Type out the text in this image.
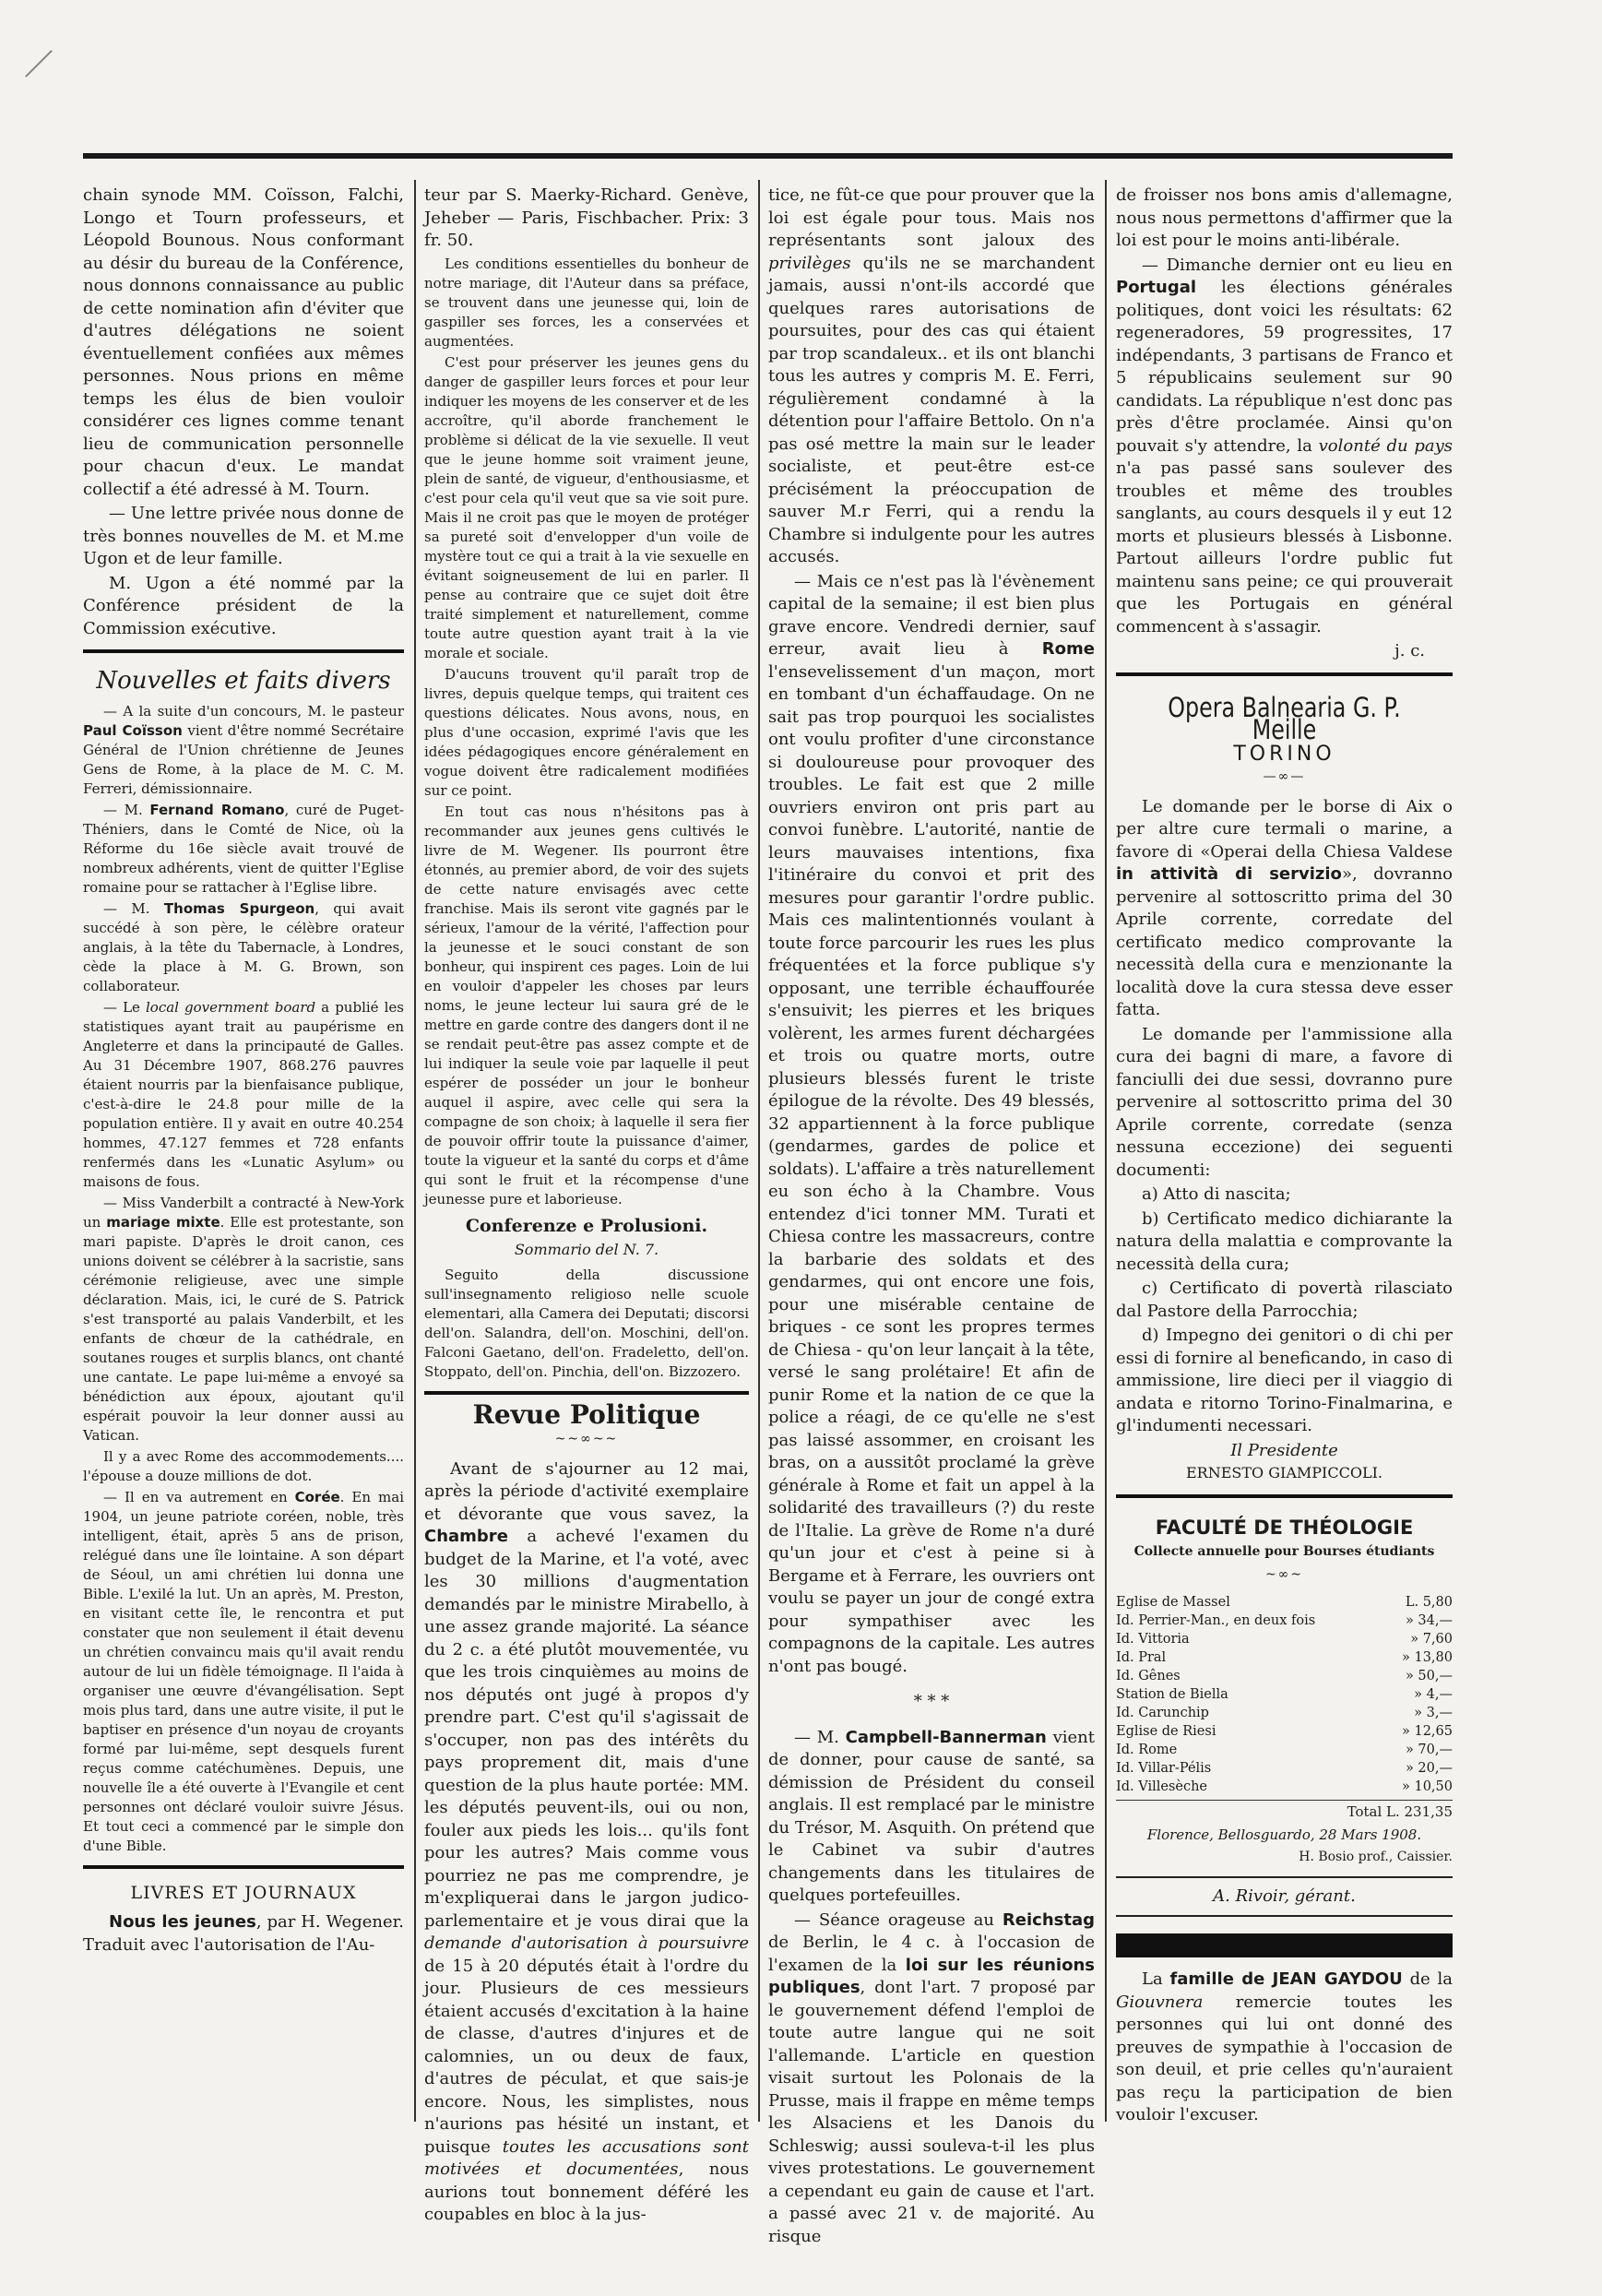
chain synode MM. Coïsson, Falchi, Longo et Tourn professeurs, et Léopold Bounous. Nous conformant au désir du bureau de la Conférence, nous donnons connaissance au public de cette nomination afin d'éviter que d'autres délégations ne soient éventuellement confiées aux mêmes personnes. Nous prions en même temps les élus de bien vouloir considérer ces lignes comme tenant lieu de communication personnelle pour chacun d'eux. Le mandat collectif a été adressé à M. Tourn.

— Une lettre privée nous donne de très bonnes nouvelles de M. et M.me Ugon et de leur famille.

M. Ugon a été nommé par la Conférence président de la Commission exécutive.

Nouvelles et faits divers

— A la suite d'un concours, M. le pasteur Paul Coïsson vient d'être nommé Secrétaire Général de l'Union chrétienne de Jeunes Gens de Rome, à la place de M. C. M. Ferreri, démissionnaire.

— M. Fernand Romano, curé de Puget-Théniers, dans le Comté de Nice, où la Réforme du 16e siècle avait trouvé de nombreux adhérents, vient de quitter l'Eglise romaine pour se rattacher à l'Eglise libre.

— M. Thomas Spurgeon, qui avait succédé à son père, le célèbre orateur anglais, à la tête du Tabernacle, à Londres, cède la place à M. G. Brown, son collaborateur.

— Le local government board a publié les statistiques ayant trait au paupérisme en Angleterre et dans la principauté de Galles. Au 31 Décembre 1907, 868.276 pauvres étaient nourris par la bienfaisance publique, c'est-à-dire le 24.8 pour mille de la population entière. Il y avait en outre 40.254 hommes, 47.127 femmes et 728 enfants renfermés dans les «Lunatic Asylum» ou maisons de fous.

— Miss Vanderbilt a contracté à New-York un mariage mixte. Elle est protestante, son mari papiste. D'après le droit canon, ces unions doivent se célébrer à la sacristie, sans cérémonie religieuse, avec une simple déclaration. Mais, ici, le curé de S. Patrick s'est transporté au palais Vanderbilt, et les enfants de chœur de la cathédrale, en soutanes rouges et surplis blancs, ont chanté une cantate. Le pape lui-même a envoyé sa bénédiction aux époux, ajoutant qu'il espérait pouvoir la leur donner aussi au Vatican.

Il y a avec Rome des accommodements.... l'épouse a douze millions de dot.

— Il en va autrement en Corée. En mai 1904, un jeune patriote coréen, noble, très intelligent, était, après 5 ans de prison, relégué dans une île lointaine. A son départ de Séoul, un ami chrétien lui donna une Bible. L'exilé la lut. Un an après, M. Preston, en visitant cette île, le rencontra et put constater que non seulement il était devenu un chrétien convaincu mais qu'il avait rendu autour de lui un fidèle témoignage. Il l'aida à organiser une œuvre d'évangélisation. Sept mois plus tard, dans une autre visite, il put le baptiser en présence d'un noyau de croyants formé par lui-même, sept desquels furent reçus comme catéchumènes. Depuis, une nouvelle île a été ouverte à l'Evangile et cent personnes ont déclaré vouloir suivre Jésus. Et tout ceci a commencé par le simple don d'une Bible.

LIVRES ET JOURNAUX

Nous les jeunes, par H. Wegener. Traduit avec l'autorisation de l'Au-

teur par S. Maerky-Richard. Genève, Jeheber — Paris, Fischbacher. Prix: 3 fr. 50.

Les conditions essentielles du bonheur de notre mariage, dit l'Auteur dans sa préface, se trouvent dans une jeunesse qui, loin de gaspiller ses forces, les a conservées et augmentées.

C'est pour préserver les jeunes gens du danger de gaspiller leurs forces et pour leur indiquer les moyens de les conserver et de les accroître, qu'il aborde franchement le problème si délicat de la vie sexuelle. Il veut que le jeune homme soit vraiment jeune, plein de santé, de vigueur, d'enthousiasme, et c'est pour cela qu'il veut que sa vie soit pure. Mais il ne croit pas que le moyen de protéger sa pureté soit d'envelopper d'un voile de mystère tout ce qui a trait à la vie sexuelle en évitant soigneusement de lui en parler. Il pense au contraire que ce sujet doit être traité simplement et naturellement, comme toute autre question ayant trait à la vie morale et sociale.

D'aucuns trouvent qu'il paraît trop de livres, depuis quelque temps, qui traitent ces questions délicates. Nous avons, nous, en plus d'une occasion, exprimé l'avis que les idées pédagogiques encore généralement en vogue doivent être radicalement modifiées sur ce point.

En tout cas nous n'hésitons pas à recommander aux jeunes gens cultivés le livre de M. Wegener. Ils pourront être étonnés, au premier abord, de voir des sujets de cette nature envisagés avec cette franchise. Mais ils seront vite gagnés par le sérieux, l'amour de la vérité, l'affection pour la jeunesse et le souci constant de son bonheur, qui inspirent ces pages. Loin de lui en vouloir d'appeler les choses par leurs noms, le jeune lecteur lui saura gré de le mettre en garde contre des dangers dont il ne se rendait peut-être pas assez compte et de lui indiquer la seule voie par laquelle il peut espérer de posséder un jour le bonheur auquel il aspire, avec celle qui sera la compagne de son choix; à laquelle il sera fier de pouvoir offrir toute la puissance d'aimer, toute la vigueur et la santé du corps et d'âme qui sont le fruit et la récompense d'une jeunesse pure et laborieuse.

Conferenze e Prolusioni.
Sommario del N. 7.

Seguito della discussione sull'insegnamento religioso nelle scuole elementari, alla Camera dei Deputati; discorsi dell'on. Salandra, dell'on. Moschini, dell'on. Falconi Gaetano, dell'on. Fradeletto, dell'on. Stoppato, dell'on. Pinchia, dell'on. Bizzozero.

Revue Politique
~~∞~~

Avant de s'ajourner au 12 mai, après la période d'activité exemplaire et dévorante que vous savez, la Chambre a achevé l'examen du budget de la Marine, et l'a voté, avec les 30 millions d'augmentation demandés par le ministre Mirabello, à une assez grande majorité. La séance du 2 c. a été plutôt mouvementée, vu que les trois cinquièmes au moins de nos députés ont jugé à propos d'y prendre part. C'est qu'il s'agissait de s'occuper, non pas des intérêts du pays proprement dit, mais d'une question de la plus haute portée: MM. les députés peuvent-ils, oui ou non, fouler aux pieds les lois... qu'ils font pour les autres? Mais comme vous pourriez ne pas me comprendre, je m'expliquerai dans le jargon judico-parlementaire et je vous dirai que la demande d'autorisation à poursuivre de 15 à 20 députés était à l'ordre du jour. Plusieurs de ces messieurs étaient accusés d'excitation à la haine de classe, d'autres d'injures et de calomnies, un ou deux de faux, d'autres de péculat, et que sais-je encore. Nous, les simplistes, nous n'aurions pas hésité un instant, et puisque toutes les accusations sont motivées et documentées, nous aurions tout bonnement déféré les coupables en bloc à la jus-

tice, ne fût-ce que pour prouver que la loi est égale pour tous. Mais nos représentants sont jaloux des privilèges qu'ils ne se marchandent jamais, aussi n'ont-ils accordé que quelques rares autorisations de poursuites, pour des cas qui étaient par trop scandaleux.. et ils ont blanchi tous les autres y compris M. E. Ferri, régulièrement condamné à la détention pour l'affaire Bettolo. On n'a pas osé mettre la main sur le leader socialiste, et peut-être est-ce précisément la préoccupation de sauver M.r Ferri, qui a rendu la Chambre si indulgente pour les autres accusés.

— Mais ce n'est pas là l'évènement capital de la semaine; il est bien plus grave encore. Vendredi dernier, sauf erreur, avait lieu à Rome l'ensevelissement d'un maçon, mort en tombant d'un échaffaudage. On ne sait pas trop pourquoi les socialistes ont voulu profiter d'une circonstance si douloureuse pour provoquer des troubles. Le fait est que 2 mille ouvriers environ ont pris part au convoi funèbre. L'autorité, nantie de leurs mauvaises intentions, fixa l'itinéraire du convoi et prit des mesures pour garantir l'ordre public. Mais ces malintentionnés voulant à toute force parcourir les rues les plus fréquentées et la force publique s'y opposant, une terrible échauffourée s'ensuivit; les pierres et les briques volèrent, les armes furent déchargées et trois ou quatre morts, outre plusieurs blessés furent le triste épilogue de la révolte. Des 49 blessés, 32 appartiennent à la force publique (gendarmes, gardes de police et soldats). L'affaire a très naturellement eu son écho à la Chambre. Vous entendez d'ici tonner MM. Turati et Chiesa contre les massacreurs, contre la barbarie des soldats et des gendarmes, qui ont encore une fois, pour une misérable centaine de briques - ce sont les propres termes de Chiesa - qu'on leur lançait à la tête, versé le sang prolétaire! Et afin de punir Rome et la nation de ce que la police a réagi, de ce qu'elle ne s'est pas laissé assommer, en croisant les bras, on a aussitôt proclamé la grève générale à Rome et fait un appel à la solidarité des travailleurs (?) du reste de l'Italie. La grève de Rome n'a duré qu'un jour et c'est à peine si à Bergame et à Ferrare, les ouvriers ont voulu se payer un jour de congé extra pour sympathiser avec les compagnons de la capitale. Les autres n'ont pas bougé.

* * *

— M. Campbell-Bannerman vient de donner, pour cause de santé, sa démission de Président du conseil anglais. Il est remplacé par le ministre du Trésor, M. Asquith. On prétend que le Cabinet va subir d'autres changements dans les titulaires de quelques portefeuilles.

— Séance orageuse au Reichstag de Berlin, le 4 c. à l'occasion de l'examen de la loi sur les réunions publiques, dont l'art. 7 proposé par le gouvernement défend l'emploi de toute autre langue qui ne soit l'allemande. L'article en question visait surtout les Polonais de la Prusse, mais il frappe en même temps les Alsaciens et les Danois du Schleswig; aussi souleva-t-il les plus vives protestations. Le gouvernement a cependant eu gain de cause et l'art. a passé avec 21 v. de majorité. Au risque

de froisser nos bons amis d'allemagne, nous nous permettons d'affirmer que la loi est pour le moins anti-libérale.

— Dimanche dernier ont eu lieu en Portugal les élections générales politiques, dont voici les résultats: 62 regeneradores, 59 progressites, 17 indépendants, 3 partisans de Franco et 5 républicains seulement sur 90 candidats. La république n'est donc pas près d'être proclamée. Ainsi qu'on pouvait s'y attendre, la volonté du pays n'a pas passé sans soulever des troubles et même des troubles sanglants, au cours desquels il y eut 12 morts et plusieurs blessés à Lisbonne. Partout ailleurs l'ordre public fut maintenu sans peine; ce qui prouverait que les Portugais en général commencent à s'assagir.

j. c.
Opera Balnearia G. P. Meille
TORINO
—∞—

Le domande per le borse di Aix o per altre cure termali o marine, a favore di «Operai della Chiesa Valdese in attività di servizio», dovranno pervenire al sottoscritto prima del 30 Aprile corrente, corredate del certificato medico comprovante la necessità della cura e menzionante la località dove la cura stessa deve esser fatta.

Le domande per l'ammissione alla cura dei bagni di mare, a favore di fanciulli dei due sessi, dovranno pure pervenire al sottoscritto prima del 30 Aprile corrente, corredate (senza nessuna eccezione) dei seguenti documenti:

a) Atto di nascita;

b) Certificato medico dichiarante la natura della malattia e comprovante la necessità della cura;

c) Certificato di povertà rilasciato dal Pastore della Parrocchia;

d) Impegno dei genitori o di chi per essi di fornire al beneficando, in caso di ammissione, lire dieci per il viaggio di andata e ritorno Torino-Finalmarina, e gl'indumenti necessari.

Il Presidente
ERNESTO GIAMPICCOLI.
FACULTÉ DE THÉOLOGIE
Collecte annuelle pour Bourses étudiants
~∞~
Eglise de Massel	L. 5,80
Id. Perrier-Man., en deux fois	» 34,—
Id. Vittoria	» 7,60
Id. Pral	» 13,80
Id. Gênes	» 50,—
Station de Biella	» 4,—
Id. Carunchip	» 3,—
Eglise de Riesi	» 12,65
Id. Rome	» 70,—
Id. Villar-Pélis	» 20,—
Id. Villesèche	» 10,50
Total L. 231,35
Florence, Bellosguardo, 28 Mars 1908.
H. Bosio prof., Caissier.
A. Rivoir, gérant.

La famille de JEAN GAYDOU de la Giouvnera remercie toutes les personnes qui lui ont donné des preuves de sympathie à l'occasion de son deuil, et prie celles qu'n'auraient pas reçu la participation de bien vouloir l'excuser.
